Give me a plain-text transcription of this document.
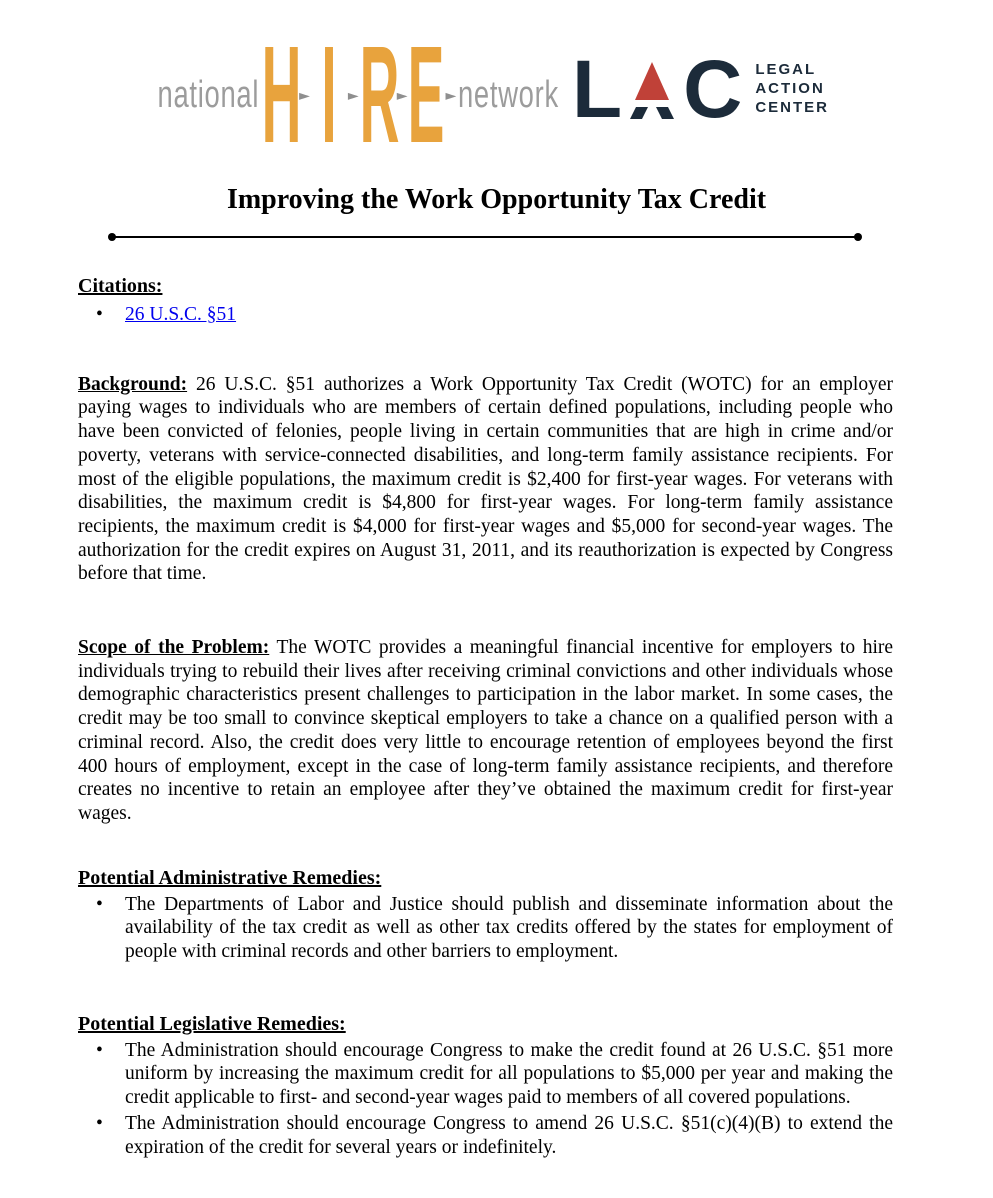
national H
► I ► R
► E ► network L C LEGAL
ACTION
CENTER
Improving the Work Opportunity Tax Credit
Citations:
•	26 U.S.C. §51

Background: 26 U.S.C. §51 authorizes a Work Opportunity Tax Credit (WOTC) for an employer paying wages to individuals who are members of certain defined populations, including people who have been convicted of felonies, people living in certain communities that are high in crime and/or poverty, veterans with service-connected disabilities, and long-term family assistance recipients. For most of the eligible populations, the maximum credit is $2,400 for first-year wages. For veterans with disabilities, the maximum credit is $4,800 for first-year wages. For long-term family assistance recipients, the maximum credit is $4,000 for first-year wages and $5,000 for second-year wages. The authorization for the credit expires on August 31, 2011, and its reauthorization is expected by Congress before that time.

Scope of the Problem: The WOTC provides a meaningful financial incentive for employers to hire individuals trying to rebuild their lives after receiving criminal convictions and other individuals whose demographic characteristics present challenges to participation in the labor market. In some cases, the credit may be too small to convince skeptical employers to take a chance on a qualified person with a criminal record. Also, the credit does very little to encourage retention of employees beyond the first 400 hours of employment, except in the case of long-term family assistance recipients, and therefore creates no incentive to retain an employee after they’ve obtained the maximum credit for first-year wages.

Potential Administrative Remedies:
•	The Departments of Labor and Justice should publish and disseminate information about the availability of the tax credit as well as other tax credits offered by the states for employment of people with criminal records and other barriers to employment.
Potential Legislative Remedies:
•	The Administration should encourage Congress to make the credit found at 26 U.S.C. §51 more uniform by increasing the maximum credit for all populations to $5,000 per year and making the credit applicable to first- and second-year wages paid to members of all covered populations.
•	The Administration should encourage Congress to amend 26 U.S.C. §51(c)(4)(B) to extend the expiration of the credit for several years or indefinitely.
